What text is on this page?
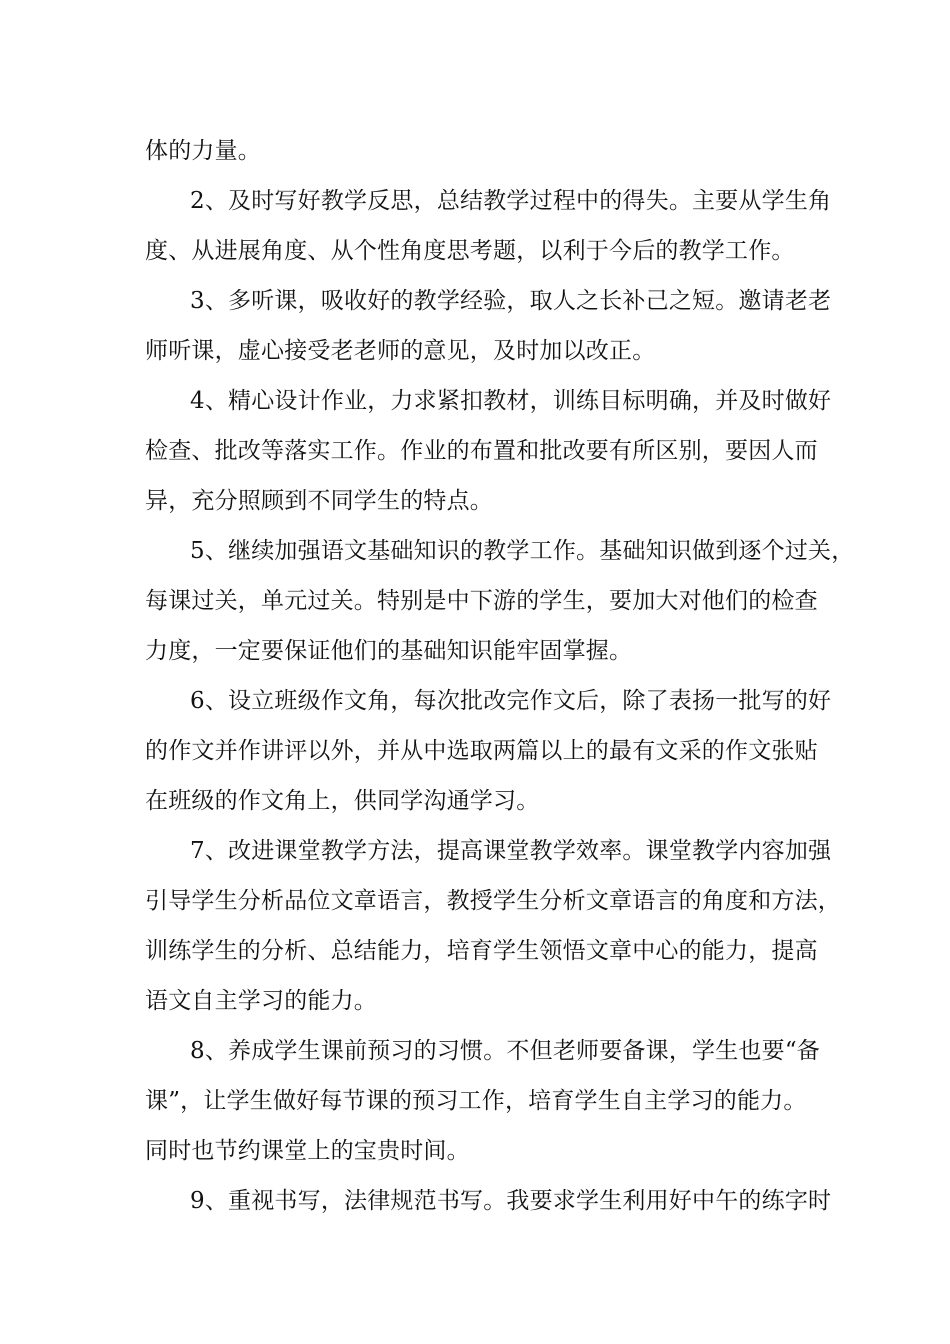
体的力量。
2、及时写好教学反思，总结教学过程中的得失。主要从学生角
度、从进展角度、从个性角度思考题，以利于今后的教学工作。
3、多听课，吸收好的教学经验，取人之长补己之短。邀请老老
师听课，虚心接受老老师的意见，及时加以改正。
4、精心设计作业，力求紧扣教材，训练目标明确，并及时做好
检查、批改等落实工作。作业的布置和批改要有所区别，要因人而
异，充分照顾到不同学生的特点。
5、继续加强语文基础知识的教学工作。基础知识做到逐个过关，
每课过关，单元过关。特别是中下游的学生，要加大对他们的检查
力度，一定要保证他们的基础知识能牢固掌握。
6、设立班级作文角，每次批改完作文后，除了表扬一批写的好
的作文并作讲评以外，并从中选取两篇以上的最有文采的作文张贴
在班级的作文角上，供同学沟通学习。
7、改进课堂教学方法，提高课堂教学效率。课堂教学内容加强
引导学生分析品位文章语言，教授学生分析文章语言的角度和方法，
训练学生的分析、总结能力，培育学生领悟文章中心的能力，提高
语文自主学习的能力。
8、养成学生课前预习的习惯。不但老师要备课，学生也要“备
课”，让学生做好每节课的预习工作，培育学生自主学习的能力。
同时也节约课堂上的宝贵时间。
9、重视书写，法律规范书写。我要求学生利用好中午的练字时
